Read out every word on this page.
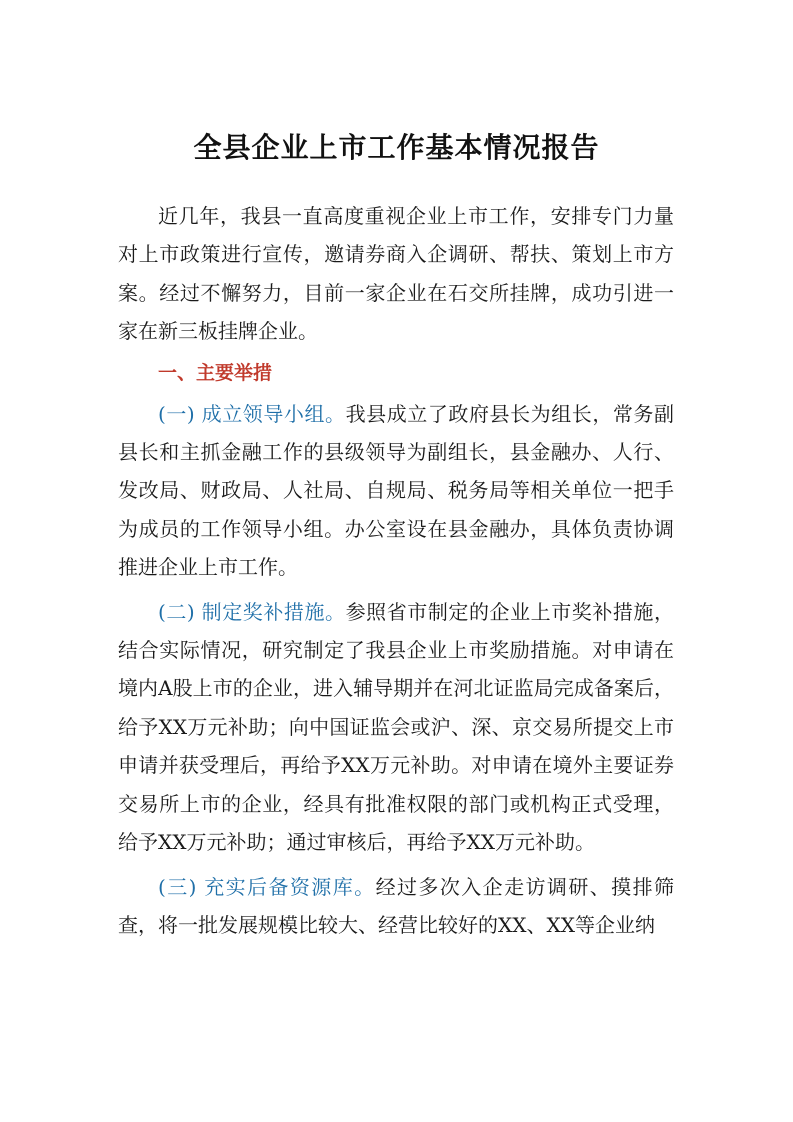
全县企业上市工作基本情况报告

近几年，我县一直高度重视企业上市工作，安排专门力量对上市政策进行宣传，邀请券商入企调研、帮扶、策划上市方案。经过不懈努力，目前一家企业在石交所挂牌，成功引进一家在新三板挂牌企业。

一、主要举措

(一) 成立领导小组。我县成立了政府县长为组长，常务副县长和主抓金融工作的县级领导为副组长，县金融办、人行、发改局、财政局、人社局、自规局、税务局等相关单位一把手为成员的工作领导小组。办公室设在县金融办，具体负责协调推进企业上市工作。

(二) 制定奖补措施。参照省市制定的企业上市奖补措施，结合实际情况，研究制定了我县企业上市奖励措施。对申请在境内A股上市的企业，进入辅导期并在河北证监局完成备案后，给予XX万元补助；向中国证监会或沪、深、京交易所提交上市申请并获受理后，再给予XX万元补助。对申请在境外主要证券交易所上市的企业，经具有批准权限的部门或机构正式受理，给予XX万元补助；通过审核后，再给予XX万元补助。

(三) 充实后备资源库。经过多次入企走访调研、摸排筛查，将一批发展规模比较大、经营比较好的XX、XX等企业纳
